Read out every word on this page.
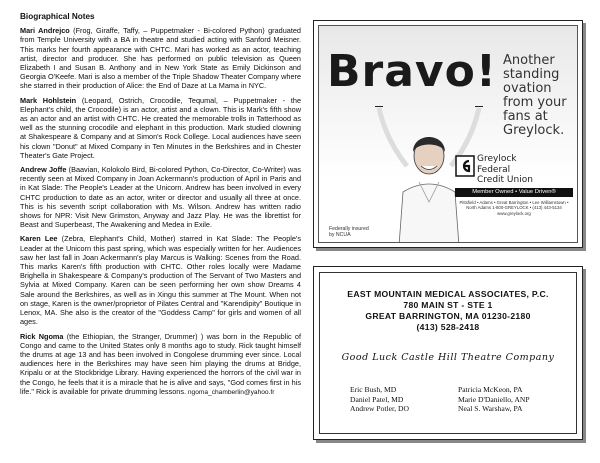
Biographical Notes

Mari Andrejco (Frog, Giraffe, Taffy, – Puppetmaker - Bi-colored Python) graduated from Temple University with a BA in theatre and studied acting with Sanford Meisner. This marks her fourth appearance with CHTC. Mari has worked as an actor, teaching artist, director and producer. She has performed on public television as Queen Elizabeth I and Susan B. Anthony and in New York State as Emily Dickinson and Georgia O'Keefe. Mari is also a member of the Triple Shadow Theater Company where she starred in their production of Alice: the End of Daze at La Mama in NYC.

Mark Hohlstein (Leopard, Ostrich, Crocodile, Tequmal, – Puppetmaker - the Elephant's child, the Crocodile) is an actor, artist and a clown. This is Mark's fifth show as an actor and an artist with CHTC. He created the memorable trolls in Tatterhood as well as the stunning crocodile and elephant in this production. Mark studied clowning at Shakespeare & Company and at Simon's Rock College. Local audiences have seen his clown "Donut" at Mixed Company in Ten Minutes in the Berkshires and in Chester Theater's Gate Project.

Andrew Joffe (Baavian, Kolokolo Bird, Bi-colored Python, Co-Director, Co-Writer) was recently seen at Mixed Company in Joan Ackermann's production of April in Paris and in Kat Slade: The People's Leader at the Unicorn. Andrew has been involved in every CHTC production to date as an actor, writer or director and usually all three at once. This is his seventh script collaboration with Ms. Wilson. Andrew has written radio shows for NPR: Visit New Grimston, Anyway and Jazz Play. He was the librettist for Beast and Superbeast, The Awakening and Medea in Exile.

Karen Lee (Zebra, Elephant's Child, Mother) starred in Kat Slade: The People's Leader at the Unicorn this past spring, which was especially written for her. Audiences saw her last fall in Joan Ackermann's play Marcus is Walking: Scenes from the Road. This marks Karen's fifth production with CHTC. Other roles locally were Madame Brighella in Shakespeare & Company's production of The Servant of Two Masters and Sylvia at Mixed Company. Karen can be seen performing her own show Dreams 4 Sale around the Berkshires, as well as in Xingu this summer at The Mount. When not on stage, Karen is the owner/proprietor of Pilates Central and "Karendipity" Boutique in Lenox, MA. She also is the creator of the "Goddess Camp" for girls and women of all ages.

Rick Ngoma (the Ethiopian, the Stranger, Drummer) ) was born in the Republic of Congo and came to the United States only 8 months ago to study. Rick taught himself the drums at age 13 and has been involved in Congolese drumming ever since. Local audiences here in the Berkshires may have seen him playing the drums at Bridge, Kripalu or at the Stockbridge Library. Having experienced the horrors of the civil war in the Congo, he feels that it is a miracle that he is alive and says, "God comes first in his life." Rick is available for private drumming lessons. ngoma_chamberlin@yahoo.fr

Bravo! Another standing ovation from your fans at Greylock.
Greylock
Federal
Credit Union
Member Owned • Value Driven®
Pittsfield • Adams • Great Barrington • Lee Williamstown • North Adams 1-800-GREYLOCK • (413) 443-5134 www.greylock.org
Federally insured by NCUA
EAST MOUNTAIN MEDICAL ASSOCIATES, P.C.
780 MAIN ST - STE 1
GREAT BARRINGTON, MA 01230-2180
(413) 528-2418
Good Luck Castle Hill Theatre Company
Eric Bush, MD
Daniel Patel, MD
Andrew Potler, DO
Patricia McKeon, PA
Marie D'Daniello, ANP
Neal S. Warshaw, PA
